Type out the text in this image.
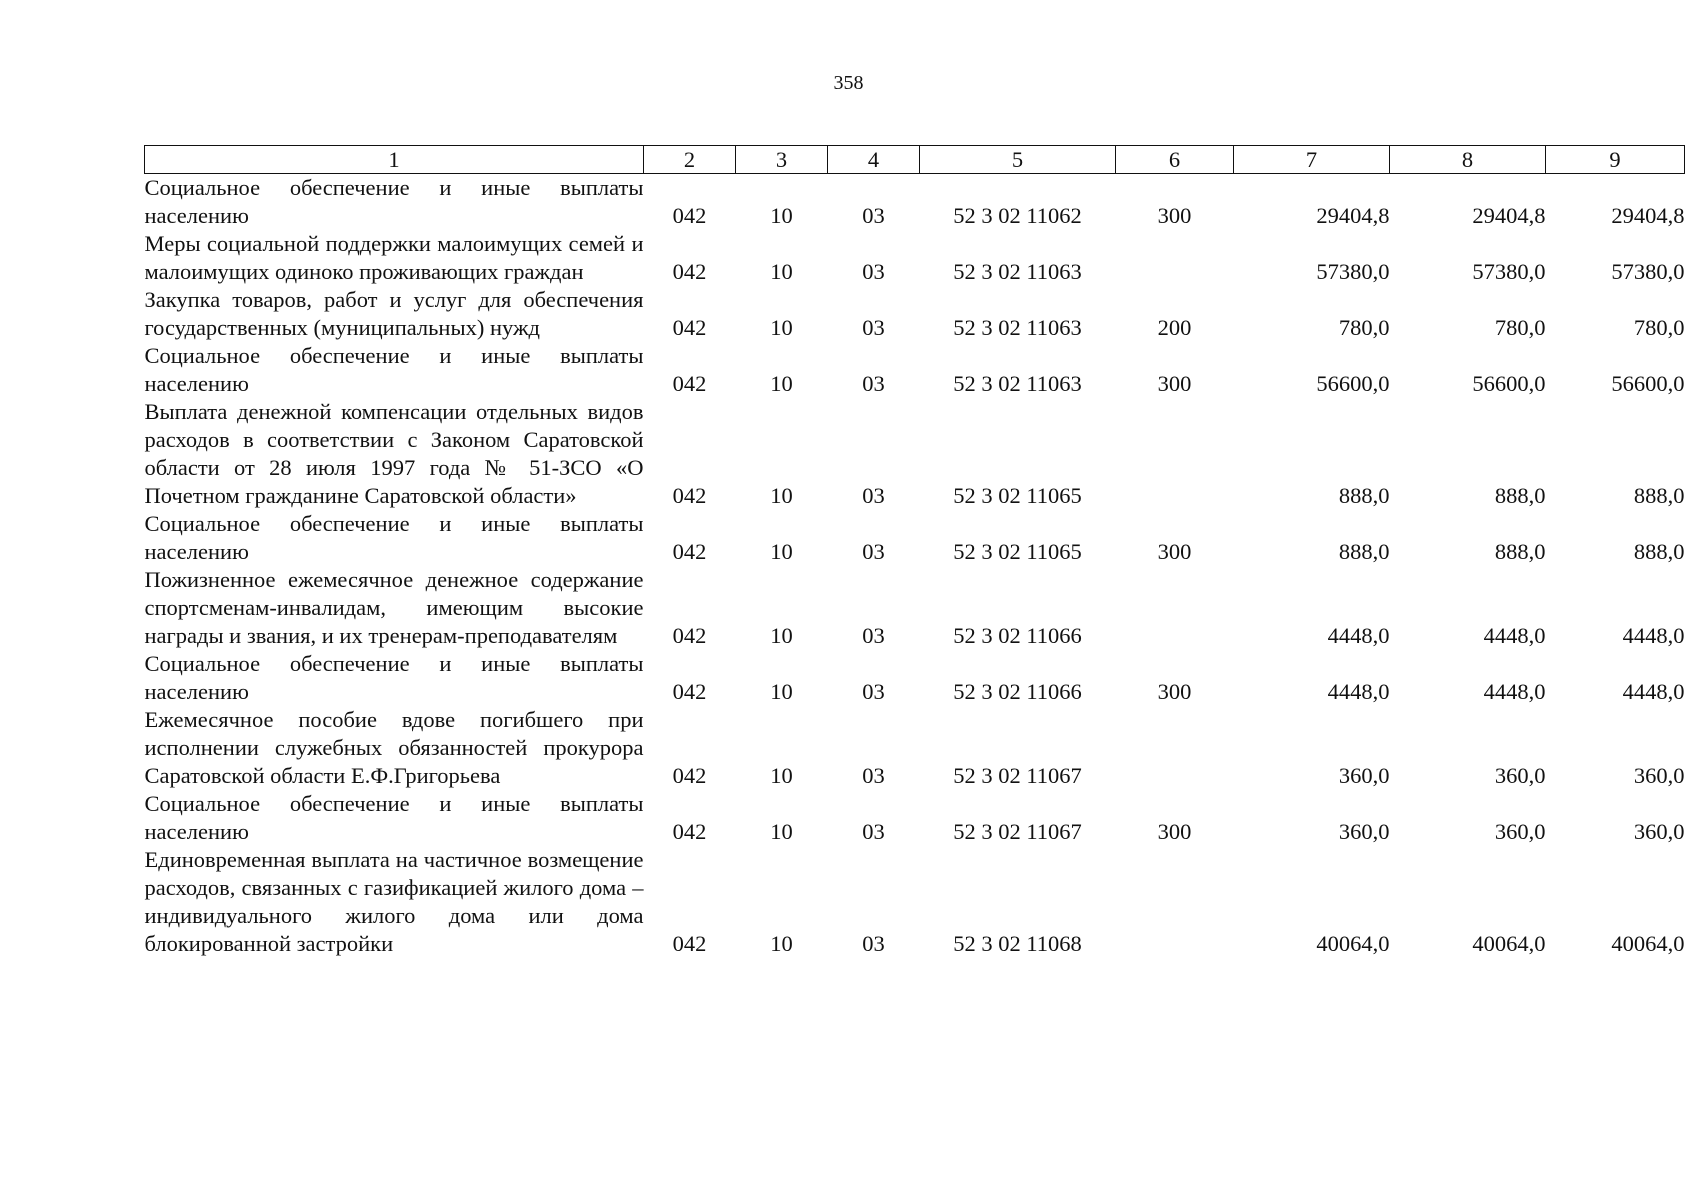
358
1	2	3	4	5	6	7	8	9
Социальное обеспечение и иные выплаты населению	042	10	03	52 3 02 11062	300	29404,8	29404,8	29404,8
Меры социальной поддержки малоимущих семей и малоимущих одиноко проживающих граждан	042	10	03	52 3 02 11063		57380,0	57380,0	57380,0
Закупка товаров, работ и услуг для обеспечения государственных (муниципальных) нужд	042	10	03	52 3 02 11063	200	780,0	780,0	780,0
Социальное обеспечение и иные выплаты населению	042	10	03	52 3 02 11063	300	56600,0	56600,0	56600,0
Выплата денежной компенсации отдельных видов расходов в соответствии с Законом Саратовской области от 28 июля 1997 года № 51-ЗСО «О Почетном гражданине Саратовской области»	042	10	03	52 3 02 11065		888,0	888,0	888,0
Социальное обеспечение и иные выплаты населению	042	10	03	52 3 02 11065	300	888,0	888,0	888,0
Пожизненное ежемесячное денежное содержание спортсменам-инвалидам, имеющим высокие награды и звания, и их тренерам-преподавателям	042	10	03	52 3 02 11066		4448,0	4448,0	4448,0
Социальное обеспечение и иные выплаты населению	042	10	03	52 3 02 11066	300	4448,0	4448,0	4448,0
Ежемесячное пособие вдове погибшего при исполнении служебных обязанностей прокурора Саратовской области Е.Ф.Григорьева	042	10	03	52 3 02 11067		360,0	360,0	360,0
Социальное обеспечение и иные выплаты населению	042	10	03	52 3 02 11067	300	360,0	360,0	360,0
Единовременная выплата на частичное возмещение расходов, связанных с газификацией жилого дома – индивидуального жилого дома или дома блокированной застройки	042	10	03	52 3 02 11068		40064,0	40064,0	40064,0
